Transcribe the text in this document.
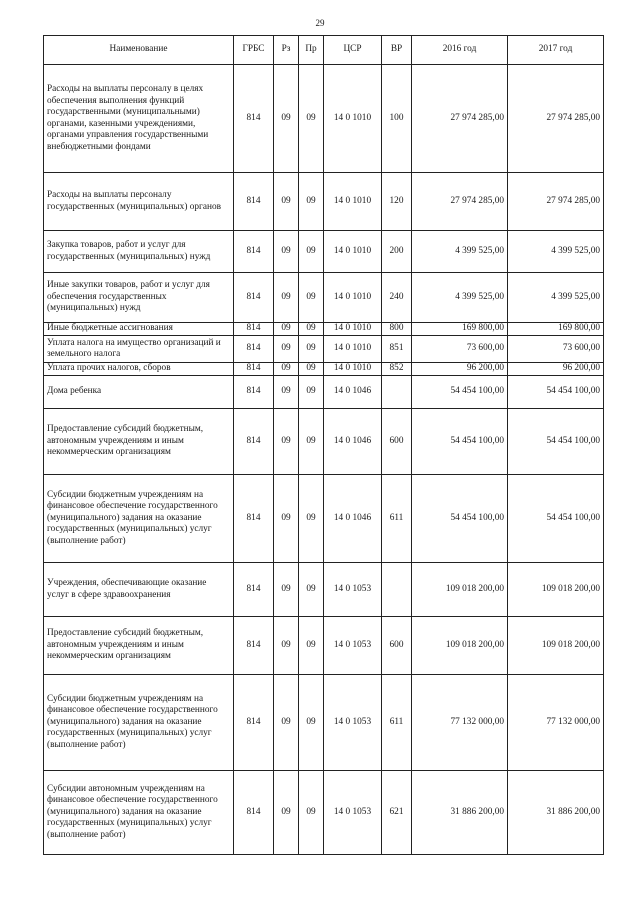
29
Наименование	ГРБС	Рз	Пр	ЦСР	ВР	2016 год	2017 год
Расходы на выплаты персоналу в целях обеспечения выполнения функций государственными (муниципальными) органами, казенными учреждениями, органами управления государственными внебюджетными фондами	814	09	09	14 0 1010	100	27 974 285,00	27 974 285,00
Расходы на выплаты персоналу государственных (муниципальных) органов	814	09	09	14 0 1010	120	27 974 285,00	27 974 285,00
Закупка товаров, работ и услуг для государственных (муниципальных) нужд	814	09	09	14 0 1010	200	4 399 525,00	4 399 525,00
Иные закупки товаров, работ и услуг для обеспечения государственных (муниципальных) нужд	814	09	09	14 0 1010	240	4 399 525,00	4 399 525,00
Иные бюджетные ассигнования	814	09	09	14 0 1010	800	169 800,00	169 800,00
Уплата налога на имущество организаций и земельного налога	814	09	09	14 0 1010	851	73 600,00	73 600,00
Уплата прочих налогов, сборов	814	09	09	14 0 1010	852	96 200,00	96 200,00
Дома ребенка	814	09	09	14 0 1046		54 454 100,00	54 454 100,00
Предоставление субсидий бюджетным, автономным учреждениям и иным некоммерческим организациям	814	09	09	14 0 1046	600	54 454 100,00	54 454 100,00
Субсидии бюджетным учреждениям на финансовое обеспечение государственного (муниципального) задания на оказание государственных (муниципальных) услуг (выполнение работ)	814	09	09	14 0 1046	611	54 454 100,00	54 454 100,00
Учреждения, обеспечивающие оказание услуг в сфере здравоохранения	814	09	09	14 0 1053		109 018 200,00	109 018 200,00
Предоставление субсидий бюджетным, автономным учреждениям и иным некоммерческим организациям	814	09	09	14 0 1053	600	109 018 200,00	109 018 200,00
Субсидии бюджетным учреждениям на финансовое обеспечение государственного (муниципального) задания на оказание государственных (муниципальных) услуг (выполнение работ)	814	09	09	14 0 1053	611	77 132 000,00	77 132 000,00
Субсидии автономным учреждениям на финансовое обеспечение государственного (муниципального) задания на оказание государственных (муниципальных) услуг (выполнение работ)	814	09	09	14 0 1053	621	31 886 200,00	31 886 200,00
